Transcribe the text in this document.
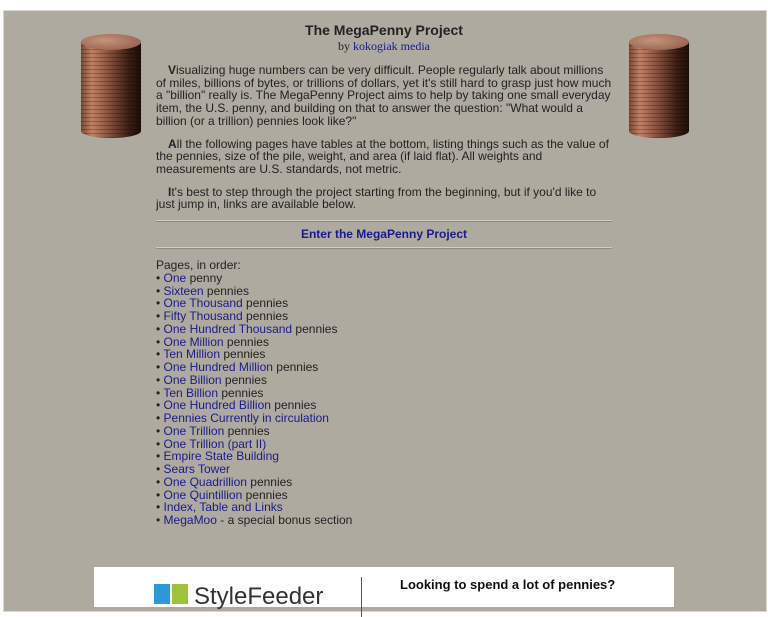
The MegaPenny Project
by kokogiak media

Visualizing huge numbers can be very difficult. People regularly talk about millions of miles, billions of bytes, or trillions of dollars, yet it's still hard to grasp just how much a "billion" really is. The MegaPenny Project aims to help by taking one small everyday item, the U.S. penny, and building on that to answer the question: "What would a billion (or a trillion) pennies look like?"

All the following pages have tables at the bottom, listing things such as the value of the pennies, size of the pile, weight, and area (if laid flat). All weights and measurements are U.S. standards, not metric.

It's best to step through the project starting from the beginning, but if you'd like to just jump in, links are available below.

Enter the MegaPenny Project
Pages, in order:
• One penny
• Sixteen pennies
• One Thousand pennies
• Fifty Thousand pennies
• One Hundred Thousand pennies
• One Million pennies
• Ten Million pennies
• One Hundred Million pennies
• One Billion pennies
• Ten Billion pennies
• One Hundred Billion pennies
• Pennies Currently in circulation
• One Trillion pennies
• One Trillion (part II)
• Empire State Building
• Sears Tower
• One Quadrillion pennies
• One Quintillion pennies
• Index, Table and Links
• MegaMoo - a special bonus section
StyleFeeder	Looking to spend a lot of pennies?
